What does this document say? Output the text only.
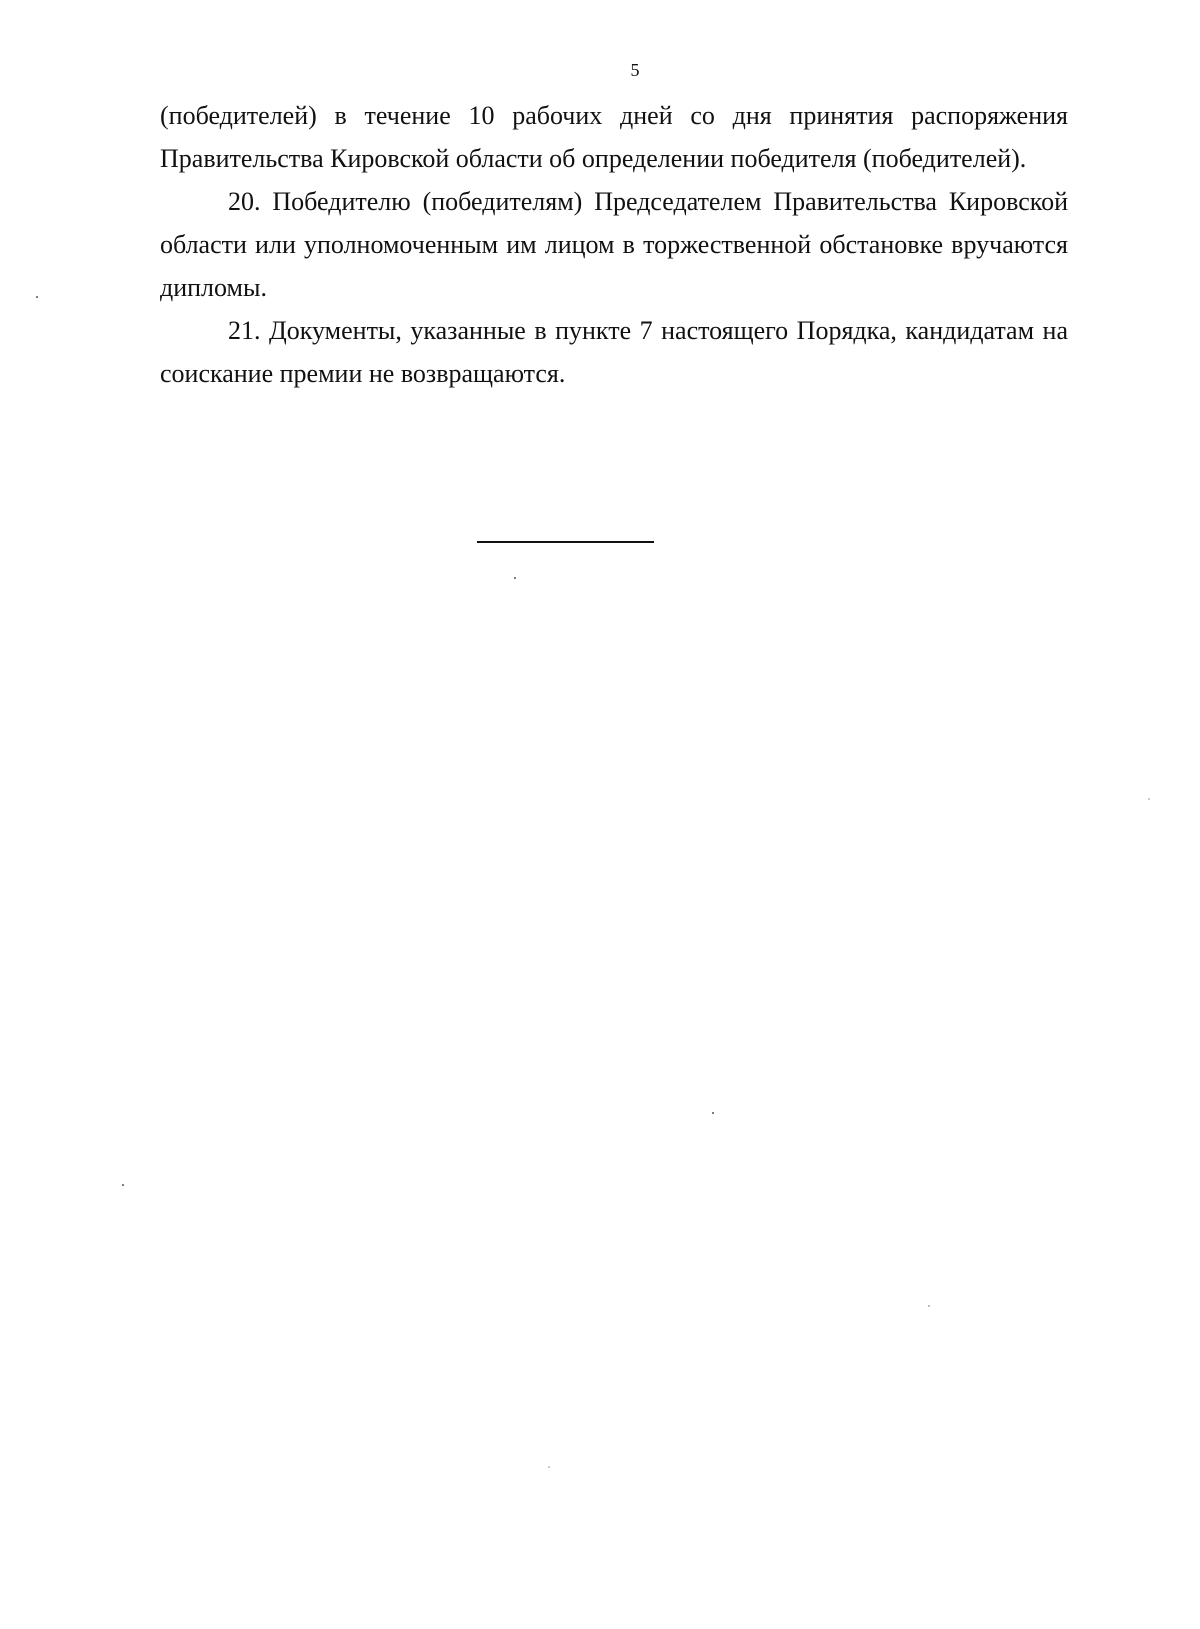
5

(победителей) в течение 10 рабочих дней со дня принятия распоряжения Правительства Кировской области об определении победителя (победителей).

20. Победителю (победителям) Председателем Правительства Кировской области или уполномоченным им лицом в торжественной обстановке вручаются дипломы.

21. Документы, указанные в пункте 7 настоящего Порядка, кандидатам на соискание премии не возвращаются.
